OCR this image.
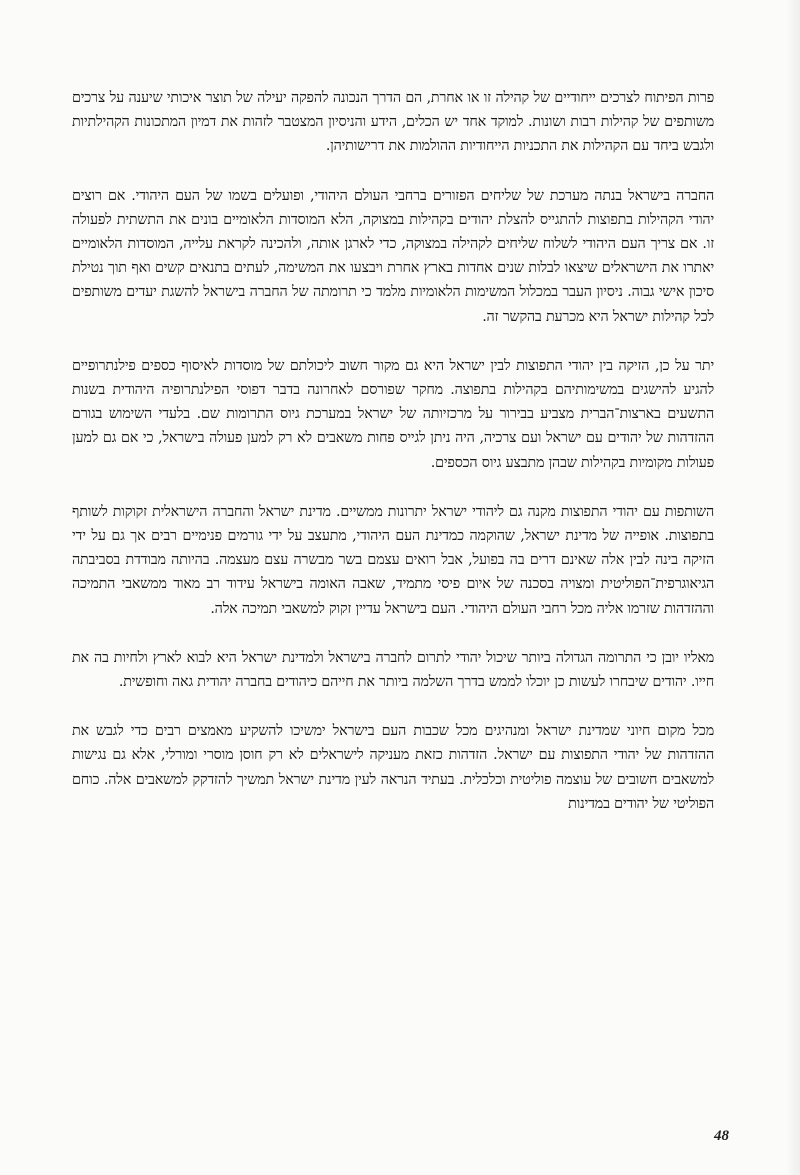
פרות הפיתוח לצרכים ייחודיים של קהילה זו או אחרת, הם הדרך הנכונה להפקה יעילה של תוצר איכותי שיענה על צרכים משותפים של קהילות רבות ושונות. למוקד אחד יש הכלים, הידע והניסיון המצטבר לזהות את דמיון המתכונות הקהילתיות ולגבש ביחד עם הקהילות את התכניות הייחודיות ההולמות את דרישותיהן.

החברה בישראל בנתה מערכת של שליחים הפזורים ברחבי העולם היהודי, ופועלים בשמו של העם היהודי. אם רוצים יהודי הקהילות בתפוצות להתגייס להצלת יהודים בקהילות במצוקה, הלא המוסדות הלאומיים בונים את התשתית לפעולה זו. אם צריך העם היהודי לשלוח שליחים לקהילה במצוקה, כדי לארגן אותה, ולהכינה לקראת עלייה, המוסדות הלאומיים יאתרו את הישראלים שיצאו לבלות שנים אחדות בארץ אחרת ויבצעו את המשימה, לעתים בתנאים קשים ואף תוך נטילת סיכון אישי גבוה. ניסיון העבר במכלול המשימות הלאומיות מלמד כי תרומתה של החברה בישראל להשגת יעדים משותפים לכל קהילות ישראל היא מכרעת בהקשר זה.

יתר על כן, הזיקה בין יהודי התפוצות לבין ישראל היא גם מקור חשוב ליכולתם של מוסדות לאיסוף כספים פילנתרופיים להגיע להישגים במשימותיהם בקהילות בתפוצה. מחקר שפורסם לאחרונה בדבר דפוסי הפילנתרופיה היהודית בשנות התשעים בארצות־הברית מצביע בבירור על מרכזיותה של ישראל במערכת גיוס התרומות שם. בלעדי השימוש בגורם ההזדהות של יהודים עם ישראל ועם צרכיה, היה ניתן לגייס פחות משאבים לא רק למען פעולה בישראל, כי אם גם למען פעולות מקומיות בקהילות שבהן מתבצע גיוס הכספים.

השותפות עם יהודי התפוצות מקנה גם ליהודי ישראל יתרונות ממשיים. מדינת ישראל והחברה הישראלית זקוקות לשותף בתפוצות. אופייה של מדינת ישראל, שהוקמה כמדינת העם היהודי, מתעצב על ידי גורמים פנימיים רבים אך גם על ידי הזיקה בינה לבין אלה שאינם דרים בה בפועל, אבל רואים עצמם בשר מבשרה עצם מעצמה. בהיותה מבודדת בסביבתה הגיאוגרפית־הפוליטית ומצויה בסכנה של איום פיסי מתמיד, שאבה האומה בישראל עידוד רב מאוד ממשאבי התמיכה וההזדהות שזרמו אליה מכל רחבי העולם היהודי. העם בישראל עדיין זקוק למשאבי תמיכה אלה.

מאליו יובן כי התרומה הגדולה ביותר שיכול יהודי לתרום לחברה בישראל ולמדינת ישראל היא לבוא לארץ ולחיות בה את חייו. יהודים שיבחרו לעשות כן יוכלו לממש בדרך השלמה ביותר את חייהם כיהודים בחברה יהודית גאה וחופשית.

מכל מקום חיוני שמדינת ישראל ומנהיגים מכל שכבות העם בישראל ימשיכו להשקיע מאמצים רבים כדי לגבש את ההזדהות של יהודי התפוצות עם ישראל. הזדהות כזאת מעניקה לישראלים לא רק חוסן מוסרי ומורלי, אלא גם נגישות למשאבים חשובים של עוצמה פוליטית וכלכלית. בעתיד הנראה לעין מדינת ישראל תמשיך להזדקק למשאבים אלה. כוחם הפוליטי של יהודים במדינות

48
